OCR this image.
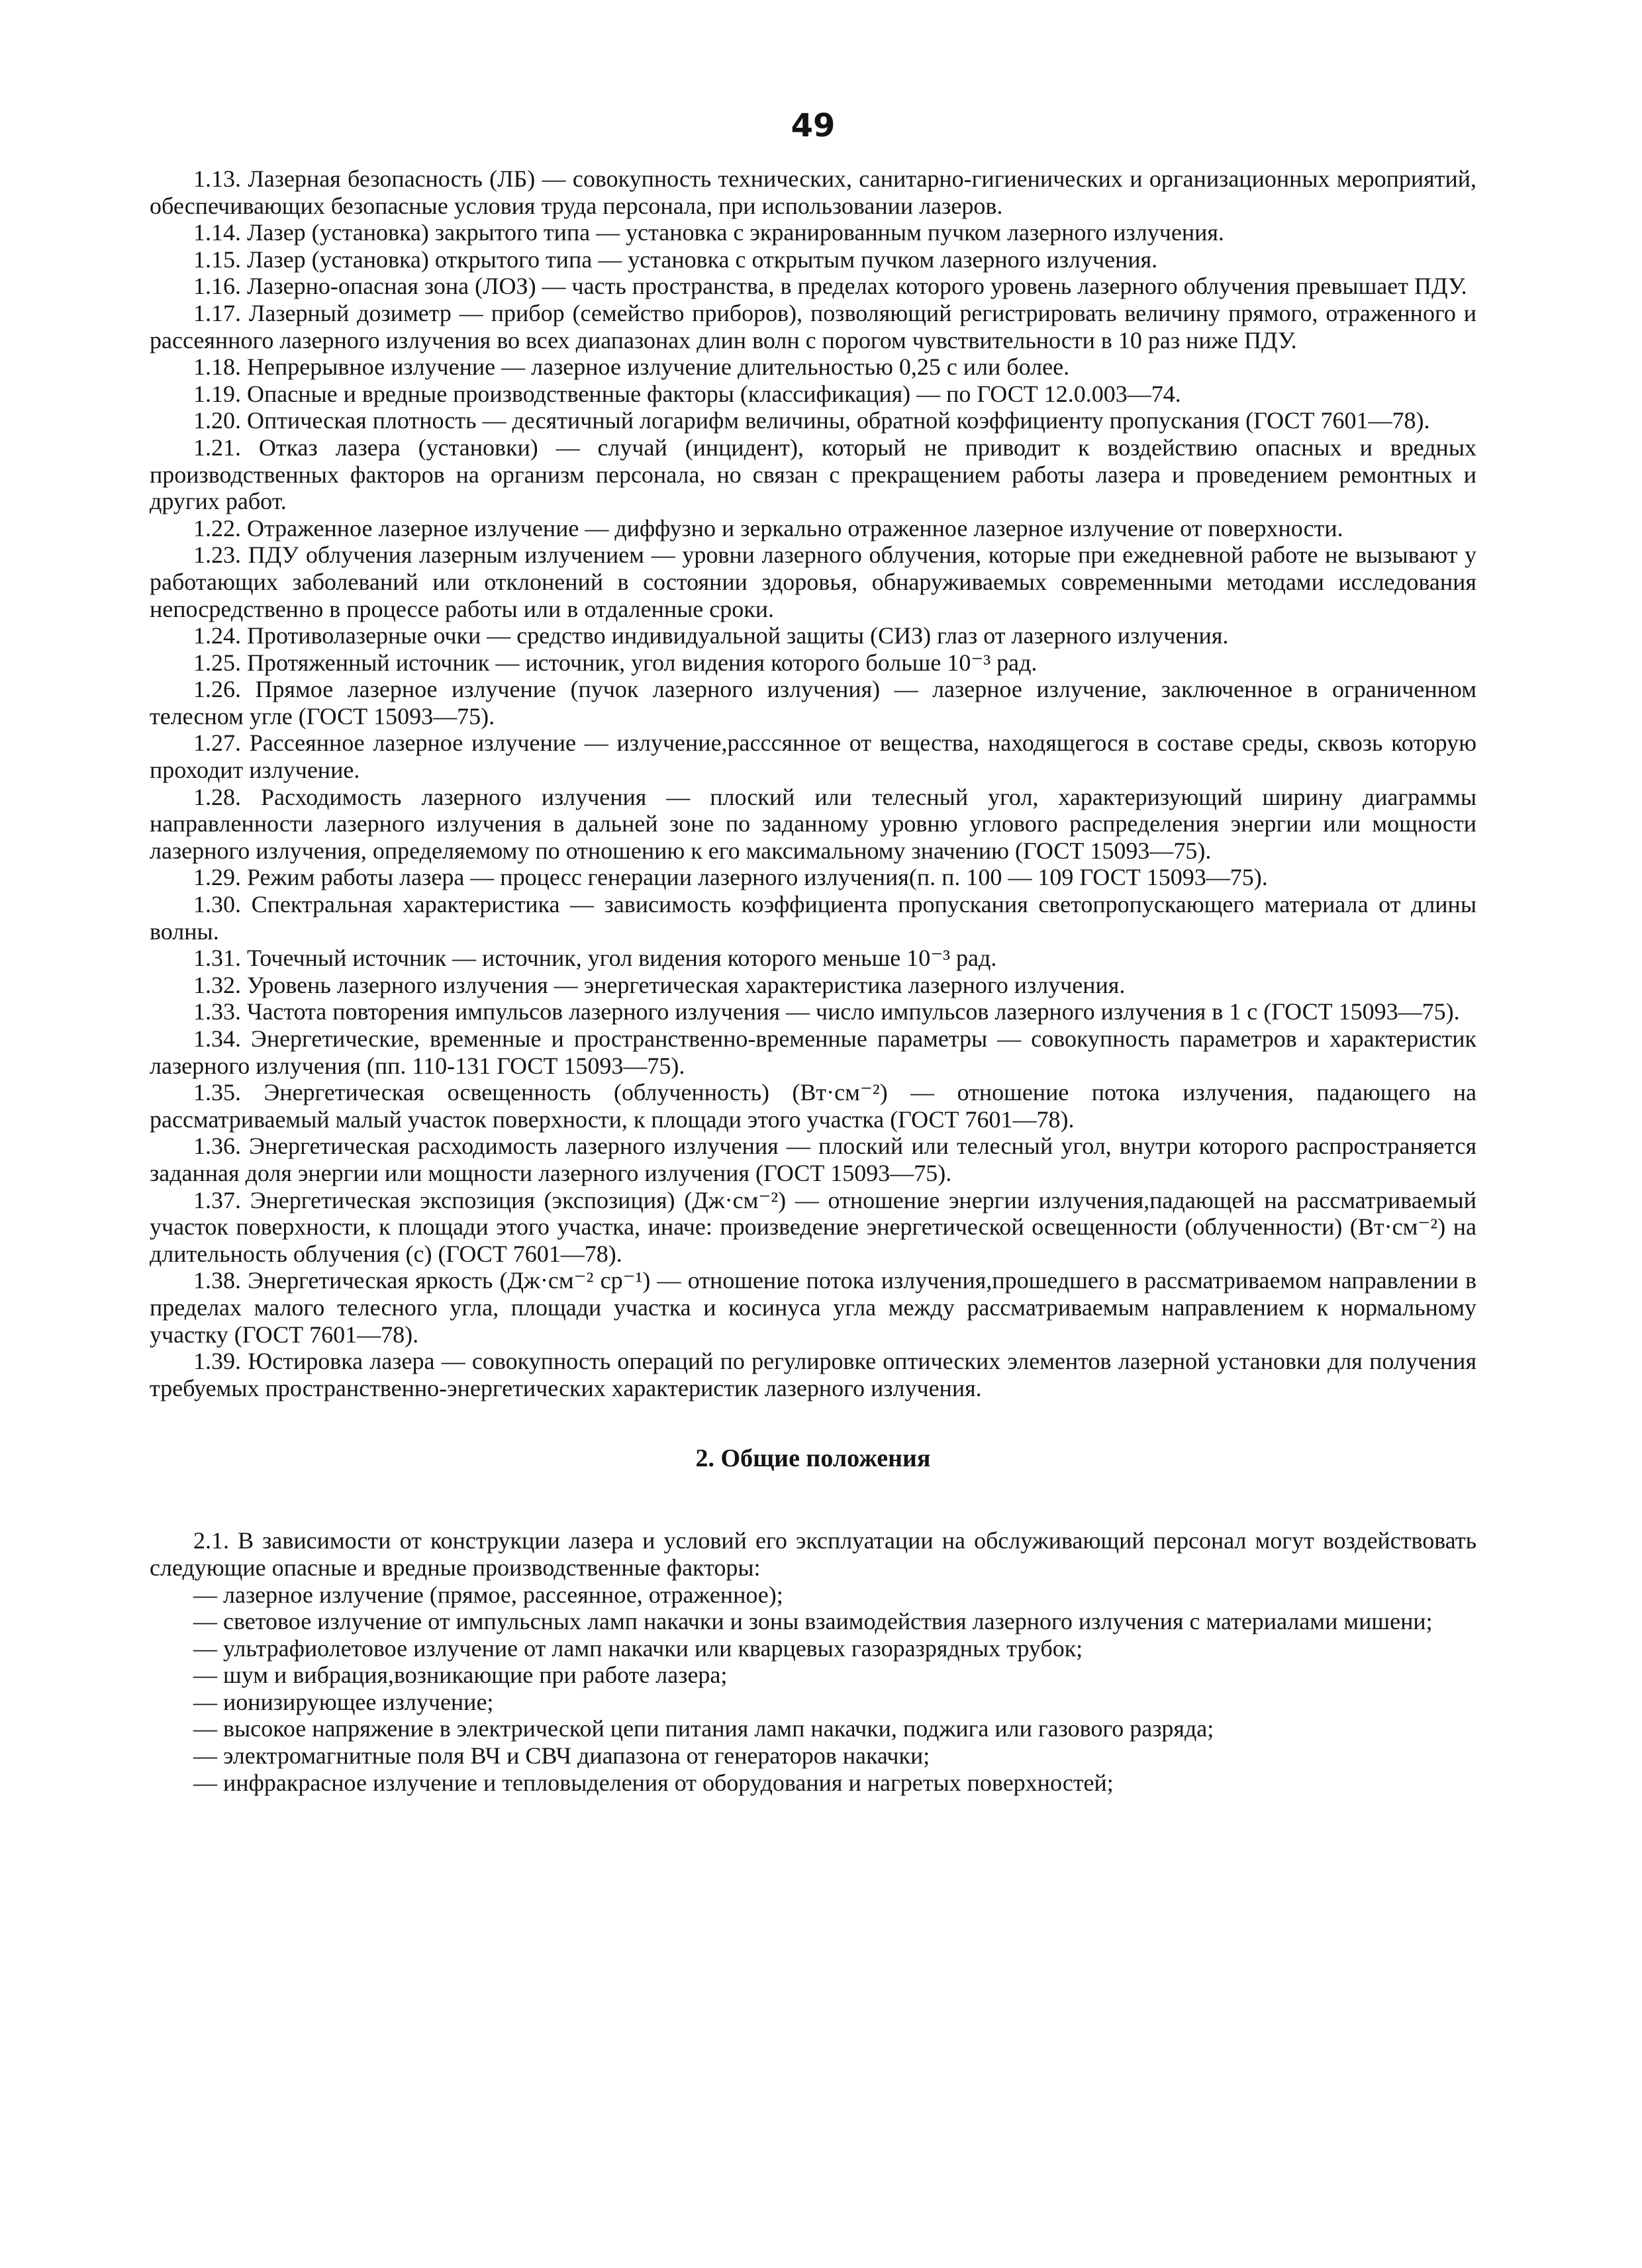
49

1.13. Лазерная безопасность (ЛБ) — совокупность технических, санитарно-гигиенических и организационных мероприятий, обеспечивающих безопасные условия труда персонала, при использовании лазеров.

1.14. Лазер (установка) закрытого типа — установка с экранированным пучком лазерного излучения.

1.15. Лазер (установка) открытого типа — установка с открытым пучком лазерного излучения.

1.16. Лазерно-опасная зона (ЛОЗ) — часть пространства, в пределах которого уровень лазерного облучения превышает ПДУ.

1.17. Лазерный дозиметр — прибор (семейство приборов), позволяющий регистрировать величину прямого, отраженного и рассеянного лазерного излучения во всех диапазонах длин волн с порогом чувствительности в 10 раз ниже ПДУ.

1.18. Непрерывное излучение — лазерное излучение длительностью 0,25 с или более.

1.19. Опасные и вредные производственные факторы (классификация) — по ГОСТ 12.0.003—74.

1.20. Оптическая плотность — десятичный логарифм величины, обратной коэффициенту пропускания (ГОСТ 7601—78).

1.21. Отказ лазера (установки) — случай (инцидент), который не приводит к воздействию опасных и вредных производственных факторов на организм персонала, но связан с прекращением работы лазера и проведением ремонтных и других работ.

1.22. Отраженное лазерное излучение — диффузно и зеркально отраженное лазерное излучение от поверхности.

1.23. ПДУ облучения лазерным излучением — уровни лазерного облучения, которые при ежедневной работе не вызывают у работающих заболеваний или отклонений в состоянии здоровья, обнаруживаемых современными методами исследования непосредственно в процессе работы или в отдаленные сроки.

1.24. Противолазерные очки — средство индивидуальной защиты (СИЗ) глаз от лазерного излучения.

1.25. Протяженный источник — источник, угол видения которого больше 10⁻³ рад.

1.26. Прямое лазерное излучение (пучок лазерного излучения) — лазерное излучение, заключенное в ограниченном телесном угле (ГОСТ 15093—75).

1.27. Рассеянное лазерное излучение — излучение,расссянное от вещества, находящегося в составе среды, сквозь которую проходит излучение.

1.28. Расходимость лазерного излучения — плоский или телесный угол, характеризующий ширину диаграммы направленности лазерного излучения в дальней зоне по заданному уровню углового распределения энергии или мощности лазерного излучения, определяемому по отношению к его максимальному значению (ГОСТ 15093—75).

1.29. Режим работы лазера — процесс генерации лазерного излучения(п. п. 100 — 109 ГОСТ 15093—75).

1.30. Спектральная характеристика — зависимость коэффициента пропускания светопропускающего материала от длины волны.

1.31. Точечный источник — источник, угол видения которого меньше 10⁻³ рад.

1.32. Уровень лазерного излучения — энергетическая характеристика лазерного излучения.

1.33. Частота повторения импульсов лазерного излучения — число импульсов лазерного излучения в 1 с (ГОСТ 15093—75).

1.34. Энергетические, временные и пространственно-временные параметры — совокупность параметров и характеристик лазерного излучения (пп. 110-131 ГОСТ 15093—75).

1.35. Энергетическая освещенность (облученность) (Вт·см⁻²) — отношение потока излучения, падающего на рассматриваемый малый участок поверхности, к площади этого участка (ГОСТ 7601—78).

1.36. Энергетическая расходимость лазерного излучения — плоский или телесный угол, внутри которого распространяется заданная доля энергии или мощности лазерного излучения (ГОСТ 15093—75).

1.37. Энергетическая экспозиция (экспозиция) (Дж·см⁻²) — отношение энергии излучения,падающей на рассматриваемый участок поверхности, к площади этого участка, иначе: произведение энергетической освещенности (облученности) (Вт·см⁻²) на длительность облучения (с) (ГОСТ 7601—78).

1.38. Энергетическая яркость (Дж·см⁻² ср⁻¹) — отношение потока излучения,прошедшего в рассматриваемом направлении в пределах малого телесного угла, площади участка и косинуса угла между рассматриваемым направлением к нормальному участку (ГОСТ 7601—78).

1.39. Юстировка лазера — совокупность операций по регулировке оптических элементов лазерной установки для получения требуемых пространственно-энергетических характеристик лазерного излучения.

2. Общие положения

2.1. В зависимости от конструкции лазера и условий его эксплуатации на обслуживающий персонал могут воздействовать следующие опасные и вредные производственные факторы:

— лазерное излучение (прямое, рассеянное, отраженное);
— световое излучение от импульсных ламп накачки и зоны взаимодействия лазерного излучения с материалами мишени;
— ультрафиолетовое излучение от ламп накачки или кварцевых газоразрядных трубок;
— шум и вибрация,возникающие при работе лазера;
— ионизирующее излучение;
— высокое напряжение в электрической цепи питания ламп накачки, поджига или газового разряда;
— электромагнитные поля ВЧ и СВЧ диапазона от генераторов накачки;
— инфракрасное излучение и тепловыделения от оборудования и нагретых поверхностей;
